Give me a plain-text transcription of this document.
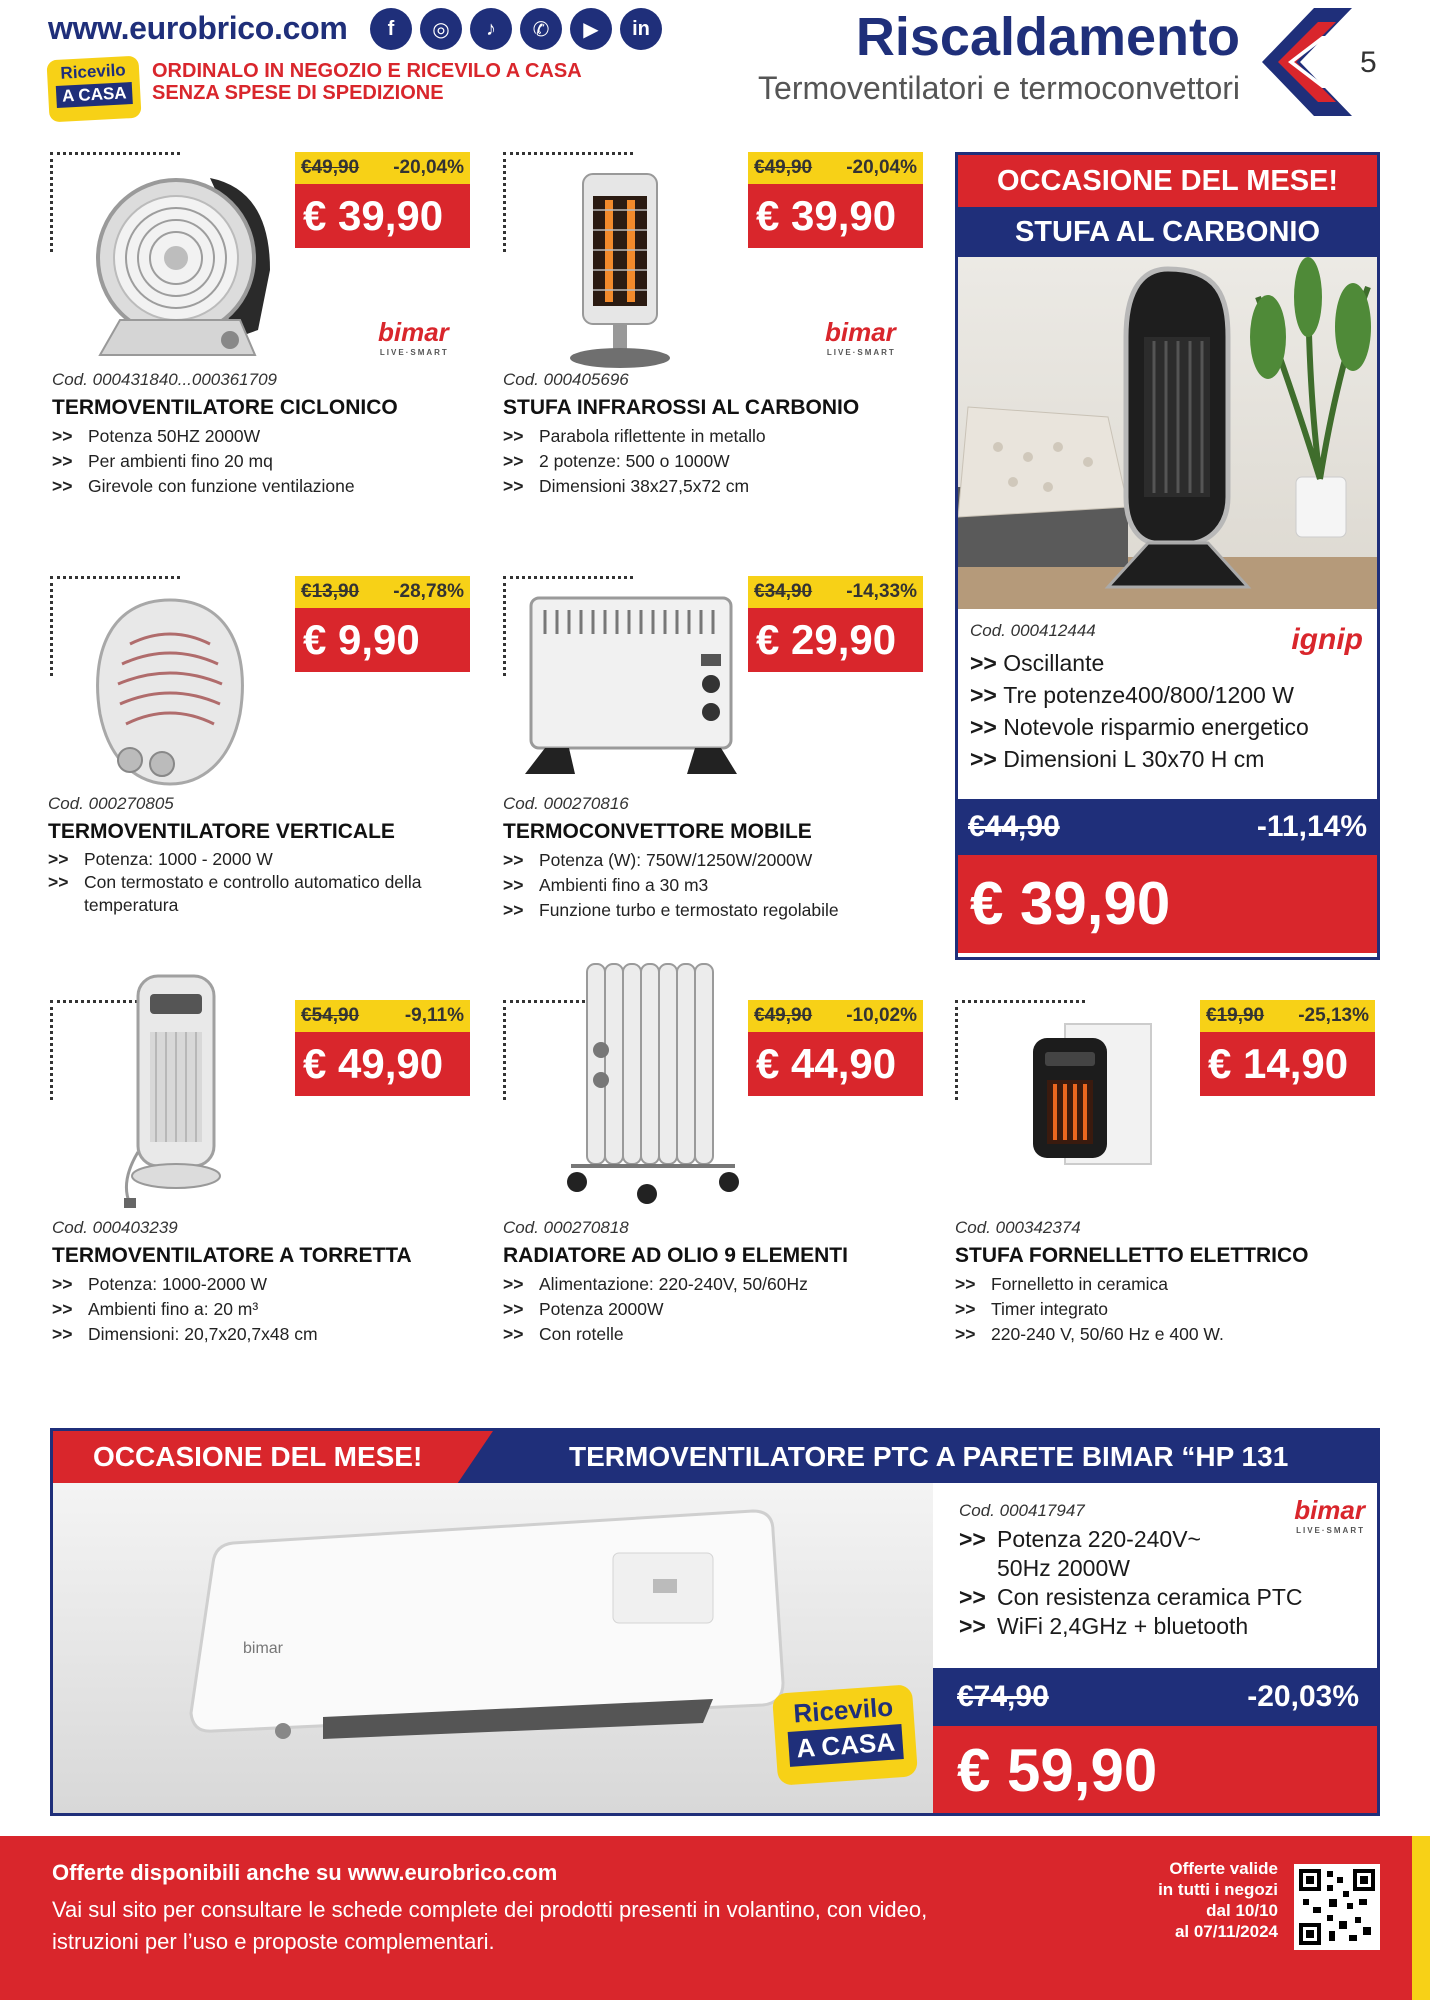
www.eurobrico.com	f	◎	♪	✆	▶	in
Ricevilo
A CASA
ORDINALO IN NEGOZIO E RICEVILO A CASA
SENZA SPESE DI SPEDIZIONE
Riscaldamento
Termoventilatori e termoconvettori
5
€49,90 -20,04%
€ 39,90
bimar
LIVE·SMART
Cod. 000431840...000361709
TERMOVENTILATORE CICLONICO
>> Potenza 50HZ 2000W
>> Per ambienti fino 20 mq
>> Girevole con funzione ventilazione
€49,90 -20,04%
€ 39,90
bimar
LIVE·SMART
Cod. 000405696
STUFA INFRAROSSI AL CARBONIO
>> Parabola riflettente in metallo
>> 2 potenze: 500 o 1000W
>> Dimensioni 38x27,5x72 cm
€13,90 -28,78%
€ 9,90
Cod. 000270805
TERMOVENTILATORE VERTICALE
>> Potenza: 1000 - 2000 W
>> Con termostato e controllo automatico della temperatura
€34,90 -14,33%
€ 29,90
Cod. 000270816
TERMOCONVETTORE MOBILE
>> Potenza (W): 750W/1250W/2000W
>> Ambienti fino a 30 m3
>> Funzione turbo e termostato regolabile
€54,90 -9,11%
€ 49,90
Cod. 000403239
TERMOVENTILATORE A TORRETTA
>> Potenza: 1000-2000 W
>> Ambienti fino a: 20 m³
>> Dimensioni: 20,7x20,7x48 cm
€49,90 -10,02%
€ 44,90
Cod. 000270818
RADIATORE AD OLIO 9 ELEMENTI
>> Alimentazione: 220-240V, 50/60Hz
>> Potenza 2000W
>> Con rotelle
€19,90 -25,13%
€ 14,90
Cod. 000342374
STUFA FORNELLETTO ELETTRICO
>> Fornelletto in ceramica
>> Timer integrato
>> 220-240 V, 50/60 Hz e 400 W.
OCCASIONE DEL MESE!
STUFA AL CARBONIO
Cod. 000412444	ignip
>> Oscillante
>> Tre potenze400/800/1200 W
>> Notevole risparmio energetico
>> Dimensioni L 30x70 H cm
€44,90	-11,14%
€ 39,90
OCCASIONE DEL MESE!	TERMOVENTILATORE PTC A PARETE BIMAR “HP 131
bimar
Ricevilo
A CASA
Cod. 000417947	bimar
LIVE·SMART
>> Potenza 220-240V~ 50Hz 2000W
>> Con resistenza ceramica PTC
>> WiFi 2,4GHz + bluetooth
€74,90	-20,03%
€ 59,90
Offerte disponibili anche su www.eurobrico.com
Vai sul sito per consultare le schede complete dei prodotti presenti in volantino, con video, istruzioni per l’uso e proposte complementari.
Offerte valide
in tutti i negozi
dal 10/10
al 07/11/2024
